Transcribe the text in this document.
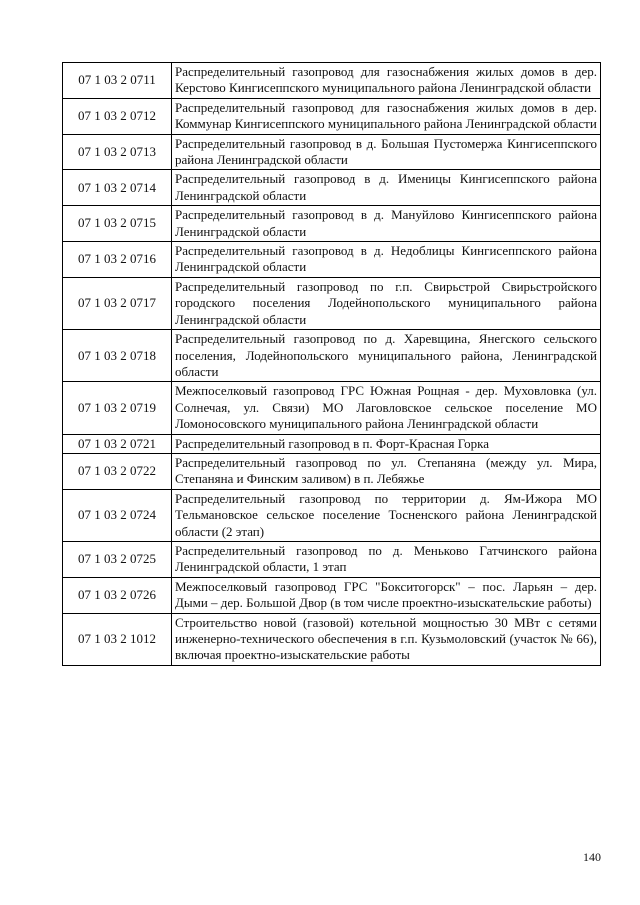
07 1 03 2 0711	Распределительный газопровод для газоснабжения жилых домов в дер. Керстово Кингисеппского муниципального района Ленинградской области
07 1 03 2 0712	Распределительный газопровод для газоснабжения жилых домов в дер. Коммунар Кингисеппского муниципального района Ленинградской области
07 1 03 2 0713	Распределительный газопровод в д. Большая Пустомержа Кингисеппского района Ленинградской области
07 1 03 2 0714	Распределительный газопровод в д. Именицы Кингисеппского района Ленинградской области
07 1 03 2 0715	Распределительный газопровод в д. Мануйлово Кингисеппского района Ленинградской области
07 1 03 2 0716	Распределительный газопровод в д. Недоблицы Кингисеппского района Ленинградской области
07 1 03 2 0717	Распределительный газопровод по г.п. Свирьстрой Свирьстройского городского поселения Лодейнопольского муниципального района Ленинградской области
07 1 03 2 0718	Распределительный газопровод по д. Харевщина, Янегского сельского поселения, Лодейнопольского муниципального района, Ленинградской области
07 1 03 2 0719	Межпоселковый газопровод ГРС Южная Рощная - дер. Муховловка (ул. Солнечая, ул. Связи) МО Лаговловское сельское поселение МО Ломоносовского муниципального района Ленинградской области
07 1 03 2 0721	Распределительный газопровод в п. Форт-Красная Горка
07 1 03 2 0722	Распределительный газопровод по ул. Степаняна (между ул. Мира, Степаняна и Финским заливом) в п. Лебяжье
07 1 03 2 0724	Распределительный газопровод по территории д. Ям-Ижора МО Тельмановское сельское поселение Тосненского района Ленинградской области (2 этап)
07 1 03 2 0725	Распределительный газопровод по д. Меньково Гатчинского района Ленинградской области, 1 этап
07 1 03 2 0726	Межпоселковый газопровод ГРС "Бокситогорск" – пос. Ларьян – дер. Дыми – дер. Большой Двор (в том числе проектно-изыскательские работы)
07 1 03 2 1012	Строительство новой (газовой) котельной мощностью 30 МВт с сетями инженерно-технического обеспечения в г.п. Кузьмоловский (участок № 66), включая проектно-изыскательские работы
140
